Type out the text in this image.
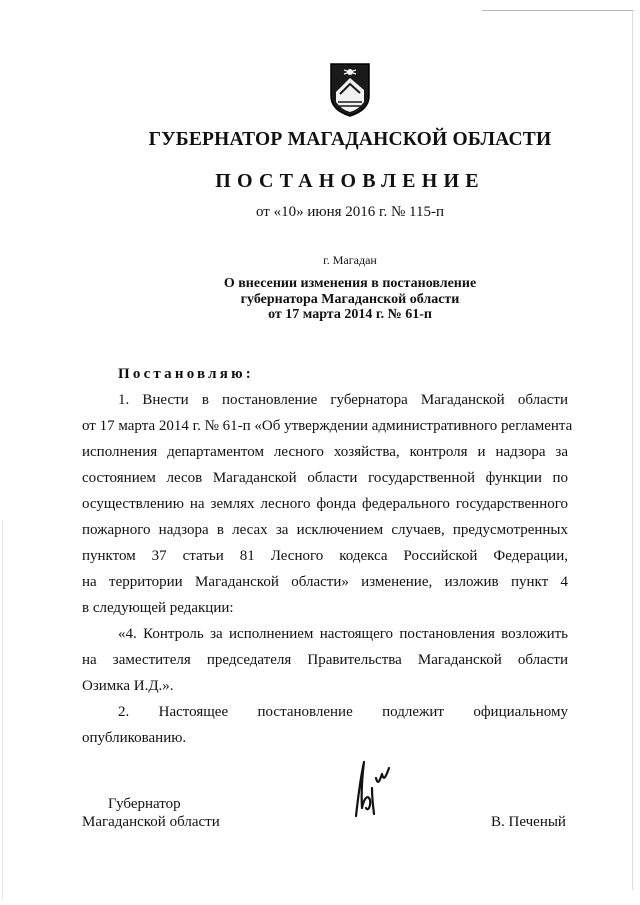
ГУБЕРНАТОР МАГАДАНСКОЙ ОБЛАСТИ
ПОСТАНОВЛЕНИЕ
от «10» июня 2016 г. № 115-п
г. Магадан
О внесении изменения в постановление
губернатора Магаданской области
от 17 марта 2014 г. № 61-п
Постановляю:
1. Внести в постановление губернатора Магаданской области
от 17 марта 2014 г. № 61-п «Об утверждении административного регламента
исполнения департаментом лесного хозяйства, контроля и надзора за
состоянием лесов Магаданской области государственной функции по
осуществлению на землях лесного фонда федерального государственного
пожарного надзора в лесах за исключением случаев, предусмотренных
пунктом 37 статьи 81 Лесного кодекса Российской Федерации,
на территории Магаданской области» изменение, изложив пункт 4
в следующей редакции:
«4. Контроль за исполнением настоящего постановления возложить
на заместителя председателя Правительства Магаданской области
Озимка И.Д.».
2. Настоящее постановление подлежит официальному
опубликованию.
Губернатор
Магаданской области	В. Печеный
